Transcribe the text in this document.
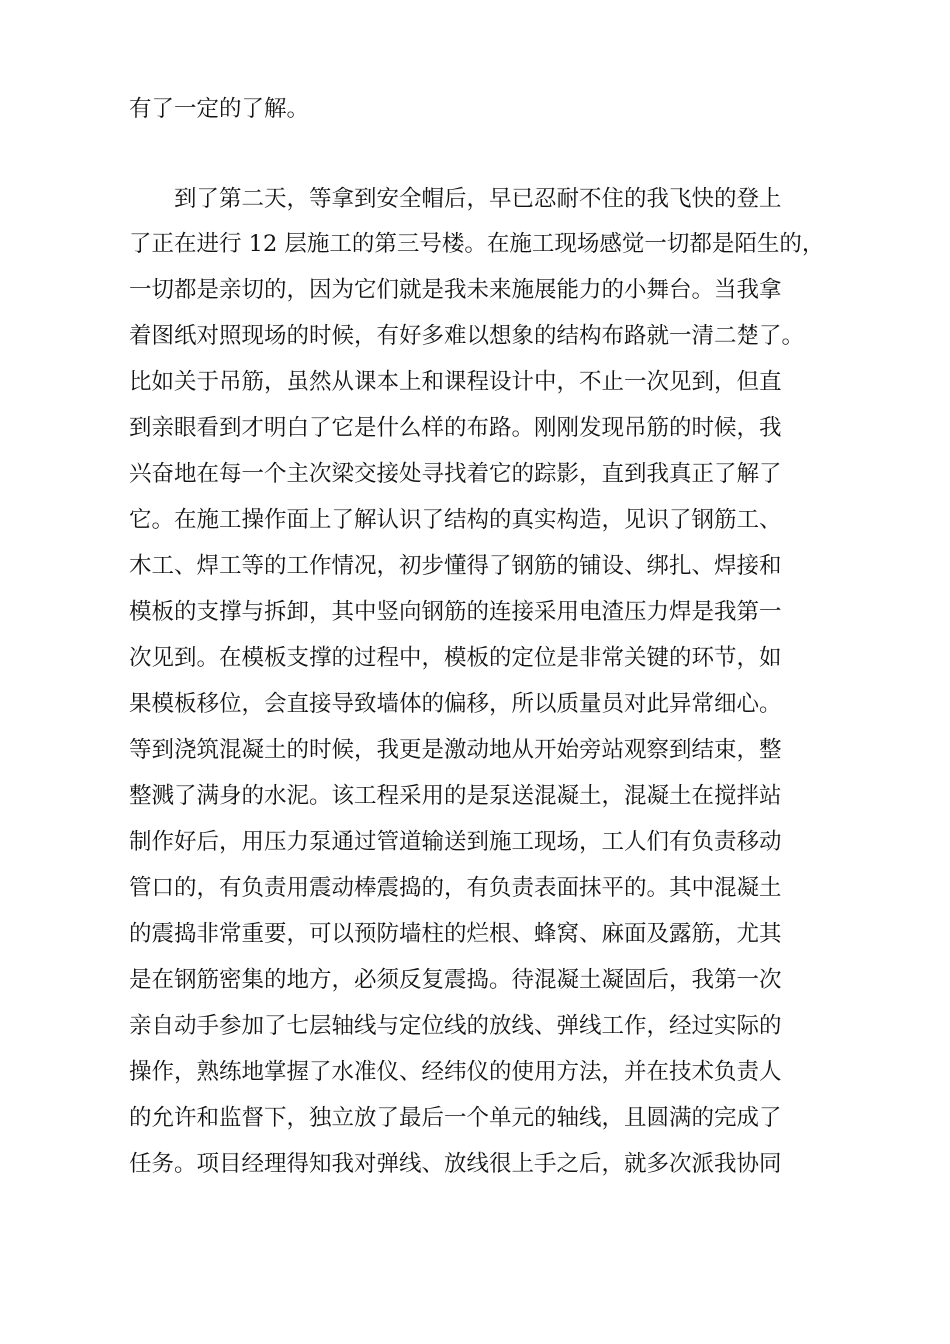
有了一定的了解。

到了第二天，等拿到安全帽后，早已忍耐不住的我飞快的登上

了正在进行 12 层施工的第三号楼。在施工现场感觉一切都是陌生的，

一切都是亲切的，因为它们就是我未来施展能力的小舞台。当我拿

着图纸对照现场的时候，有好多难以想象的结构布路就一清二楚了。

比如关于吊筋，虽然从课本上和课程设计中，不止一次见到，但直

到亲眼看到才明白了它是什么样的布路。刚刚发现吊筋的时候，我

兴奋地在每一个主次梁交接处寻找着它的踪影，直到我真正了解了

它。在施工操作面上了解认识了结构的真实构造，见识了钢筋工、

木工、焊工等的工作情况，初步懂得了钢筋的铺设、绑扎、焊接和

模板的支撑与拆卸，其中竖向钢筋的连接采用电渣压力焊是我第一

次见到。在模板支撑的过程中，模板的定位是非常关键的环节，如

果模板移位，会直接导致墙体的偏移，所以质量员对此异常细心。

等到浇筑混凝土的时候，我更是激动地从开始旁站观察到结束，整

整溅了满身的水泥。该工程采用的是泵送混凝土，混凝土在搅拌站

制作好后，用压力泵通过管道输送到施工现场，工人们有负责移动

管口的，有负责用震动棒震捣的，有负责表面抹平的。其中混凝土

的震捣非常重要，可以预防墙柱的烂根、蜂窝、麻面及露筋，尤其

是在钢筋密集的地方，必须反复震捣。待混凝土凝固后，我第一次

亲自动手参加了七层轴线与定位线的放线、弹线工作，经过实际的

操作，熟练地掌握了水准仪、经纬仪的使用方法，并在技术负责人

的允许和监督下，独立放了最后一个单元的轴线，且圆满的完成了

任务。项目经理得知我对弹线、放线很上手之后，就多次派我协同
